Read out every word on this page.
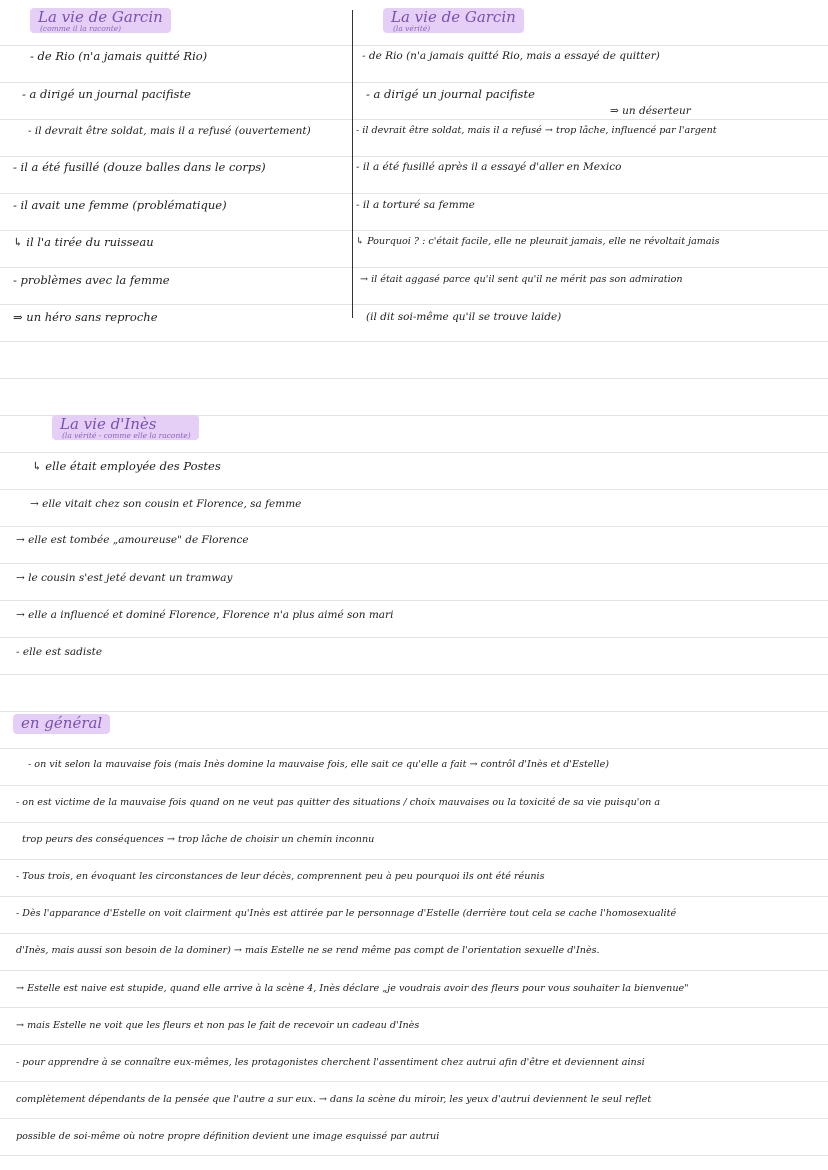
La vie de Garcin
(comme il la raconte)
- de Rio (n'a jamais quitté Rio)
- a dirigé un journal pacifiste
- il devrait être soldat, mais il a refusé (ouvertement)
- il a été fusillé (douze balles dans le corps)
- il avait une femme (problématique)
↳ il l'a tirée du ruisseau
- problèmes avec la femme
⇒ un héro sans reproche
La vie de Garcin
(la vérité)
- de Rio (n'a jamais quitté Rio, mais a essayé de quitter)
- a dirigé un journal pacifiste
⇒ un déserteur
- il devrait être soldat, mais il a refusé → trop lâche, influencé par l'argent
- il a été fusillé après il a essayé d'aller en Mexico
- il a torturé sa femme
↳ Pourquoi ? : c'était facile, elle ne pleurait jamais, elle ne révoltait jamais
→ il était aggasé parce qu'il sent qu'il ne mérit pas son admiration
(il dit soi-même qu'il se trouve laide)
La vie d'Inès
(la vérité - comme elle la raconte)
↳ elle était employée des Postes
→ elle vitait chez son cousin et Florence, sa femme
→ elle est tombée „amoureuse" de Florence
→ le cousin s'est jeté devant un tramway
→ elle a influencé et dominé Florence, Florence n'a plus aimé son mari
- elle est sadiste
en général
- on vit selon la mauvaise fois (mais Inès domine la mauvaise fois, elle sait ce qu'elle a fait → contrôl d'Inès et d'Estelle)
- on est victime de la mauvaise fois quand on ne veut pas quitter des situations / choix mauvaises ou la toxicité de sa vie puisqu'on a
trop peurs des conséquences → trop lâche de choisir un chemin inconnu
- Tous trois, en évoquant les circonstances de leur décès, comprennent peu à peu pourquoi ils ont été réunis
- Dès l'apparance d'Estelle on voit clairment qu'Inès est attirée par le personnage d'Estelle (derrière tout cela se cache l'homosexualité
d'Inès, mais aussi son besoin de la dominer) → mais Estelle ne se rend même pas compt de l'orientation sexuelle d'Inès.
→ Estelle est naive est stupide, quand elle arrive à la scène 4, Inès déclare „je voudrais avoir des fleurs pour vous souhaiter la bienvenue"
→ mais Estelle ne voit que les fleurs et non pas le fait de recevoir un cadeau d'Inès
- pour apprendre à se connaître eux-mêmes, les protagonistes cherchent l'assentiment chez autrui afin d'être et deviennent ainsi
complètement dépendants de la pensée que l'autre a sur eux. → dans la scène du miroir, les yeux d'autrui deviennent le seul reflet
possible de soi-même où notre propre définition devient une image esquissé par autrui
